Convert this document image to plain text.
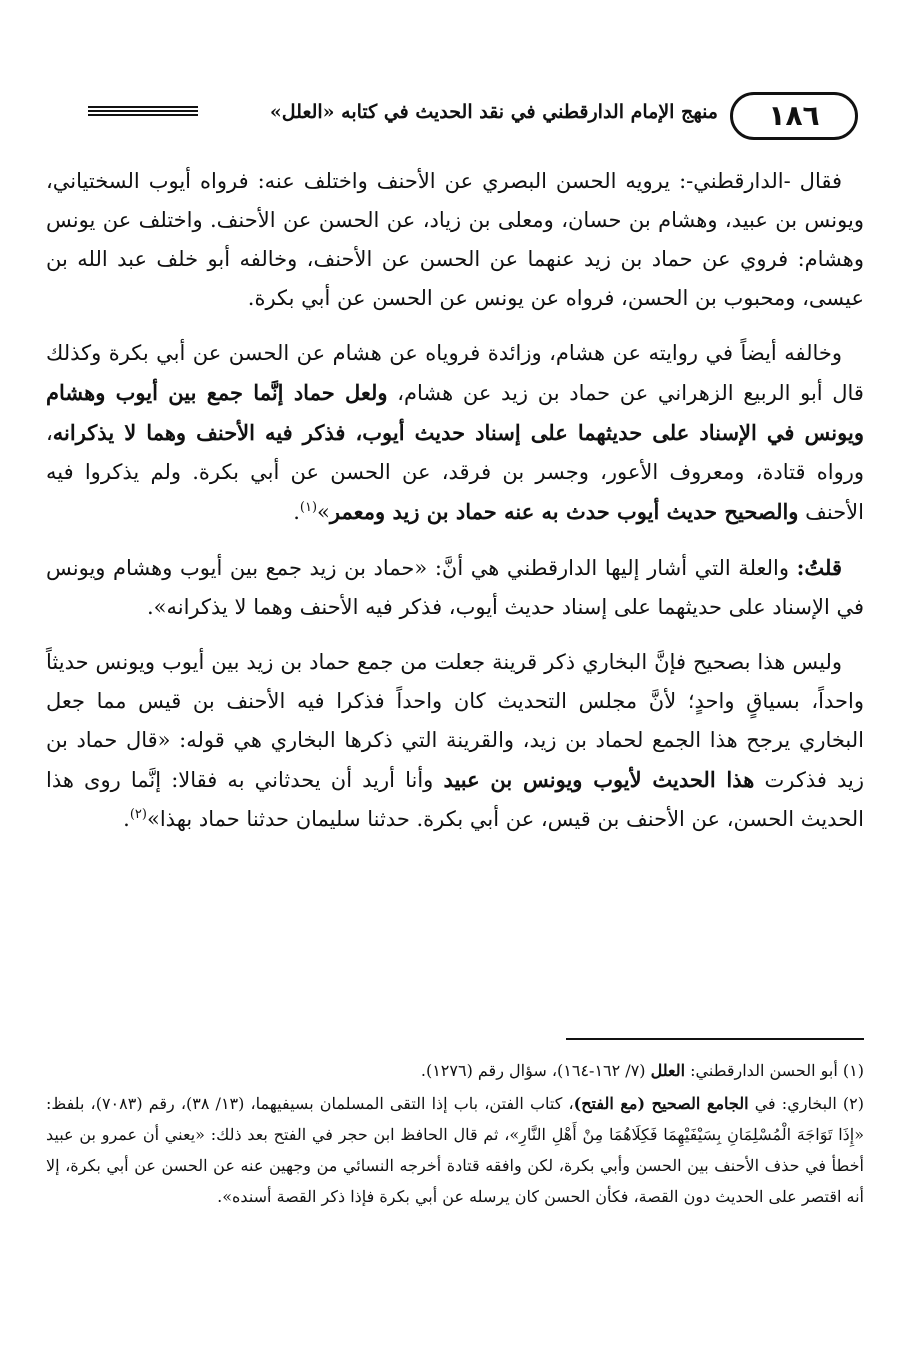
١٨٦
منهج الإمام الدارقطني في نقد الحديث في كتابه «العلل»

فقال -الدارقطني-: يرويه الحسن البصري عن الأحنف واختلف عنه: فرواه أيوب السختياني، ويونس بن عبيد، وهشام بن حسان، ومعلى بن زياد، عن الحسن عن الأحنف. واختلف عن يونس وهشام: فروي عن حماد بن زيد عنهما عن الحسن عن الأحنف، وخالفه أبو خلف عبد الله بن عيسى، ومحبوب بن الحسن، فرواه عن يونس عن الحسن عن أبي بكرة.

وخالفه أيضاً في روايته عن هشام، وزائدة فروياه عن هشام عن الحسن عن أبي بكرة وكذلك قال أبو الربيع الزهراني عن حماد بن زيد عن هشام، ولعل حماد إنَّما جمع بين أيوب وهشام ويونس في الإسناد على حديثهما على إسناد حديث أيوب، فذكر فيه الأحنف وهما لا يذكرانه، ورواه قتادة، ومعروف الأعور، وجسر بن فرقد، عن الحسن عن أبي بكرة. ولم يذكروا فيه الأحنف والصحيح حديث أيوب حدث به عنه حماد بن زيد ومعمر»$^{(١)}$.

قلتُ: والعلة التي أشار إليها الدارقطني هي أنَّ: «حماد بن زيد جمع بين أيوب وهشام ويونس في الإسناد على حديثهما على إسناد حديث أيوب، فذكر فيه الأحنف وهما لا يذكرانه».

وليس هذا بصحيح فإنَّ البخاري ذكر قرينة جعلت من جمع حماد بن زيد بين أيوب ويونس حديثاً واحداً، بسياقٍ واحدٍ؛ لأنَّ مجلس التحديث كان واحداً فذكرا فيه الأحنف بن قيس مما جعل البخاري يرجح هذا الجمع لحماد بن زيد، والقرينة التي ذكرها البخاري هي قوله: «قال حماد بن زيد فذكرت هذا الحديث لأيوب ويونس بن عبيد وأنا أريد أن يحدثاني به فقالا: إنَّما روى هذا الحديث الحسن، عن الأحنف بن قيس، عن أبي بكرة. حدثنا سليمان حدثنا حماد بهذا»$^{(٢)}$.

(١) أبو الحسن الدارقطني: العلل (٧/ ١٦٢-١٦٤)، سؤال رقم (١٢٧٦).

(٢) البخاري: في الجامع الصحيح (مع الفتح)، كتاب الفتن، باب إذا التقى المسلمان بسيفيهما، (١٣/ ٣٨)، رقم (٧٠٨٣)، بلفظ: «إِذَا تَوَاجَهَ الْمُسْلِمَانِ بِسَيْفَيْهِمَا فَكِلَاهُمَا مِنْ أَهْلِ النَّارِ»، ثم قال الحافظ ابن حجر في الفتح بعد ذلك: «يعني أن عمرو بن عبيد أخطأ في حذف الأحنف بين الحسن وأبي بكرة، لكن وافقه قتادة أخرجه النسائي من وجهين عنه عن الحسن عن أبي بكرة، إلا أنه اقتصر على الحديث دون القصة، فكأن الحسن كان يرسله عن أبي بكرة فإذا ذكر القصة أسنده».
